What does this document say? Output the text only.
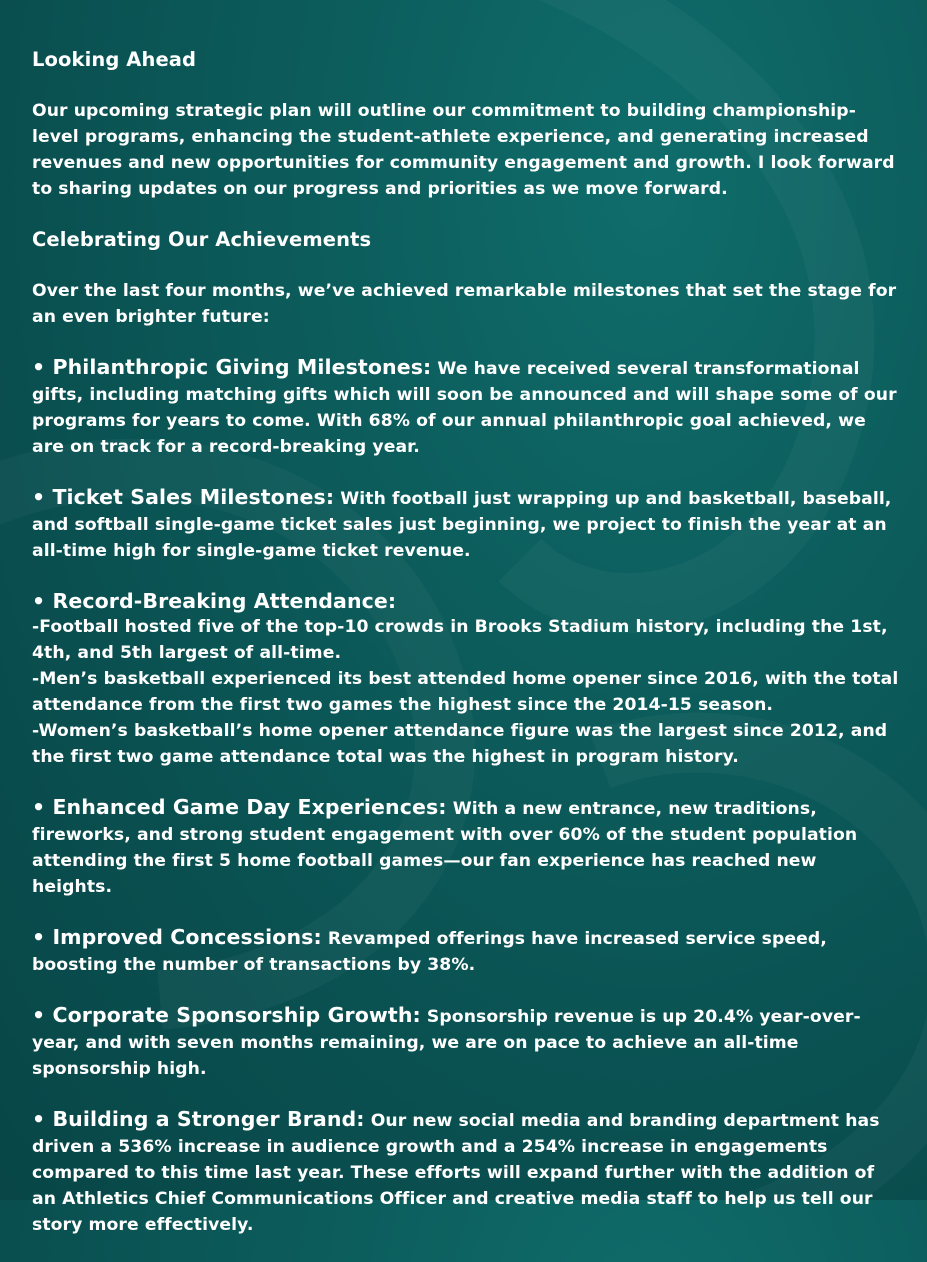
Looking Ahead

Our upcoming strategic plan will outline our commitment to building championship-level programs, enhancing the student-athlete experience, and generating increased revenues and new opportunities for community engagement and growth. I look forward to sharing updates on our progress and priorities as we move forward.

Celebrating Our Achievements

Over the last four months, we’ve achieved remarkable milestones that set the stage for an even brighter future:

• Philanthropic Giving Milestones: We have received several transformational gifts, including matching gifts which will soon be announced and will shape some of our programs for years to come. With 68% of our annual philanthropic goal achieved, we are on track for a record-breaking year.
• Ticket Sales Milestones: With football just wrapping up and basketball, baseball, and softball single-game ticket sales just beginning, we project to finish the year at an all-time high for single-game ticket revenue.
• Record-Breaking Attendance:
-Football hosted five of the top-10 crowds in Brooks Stadium history, including the 1st, 4th, and 5th largest of all-time.
-Men’s basketball experienced its best attended home opener since 2016, with the total attendance from the first two games the highest since the 2014-15 season.
-Women’s basketball’s home opener attendance figure was the largest since 2012, and the first two game attendance total was the highest in program history.
• Enhanced Game Day Experiences: With a new entrance, new traditions, fireworks, and strong student engagement with over 60% of the student population attending the first 5 home football games—our fan experience has reached new heights.
• Improved Concessions: Revamped offerings have increased service speed, boosting the number of transactions by 38%.
• Corporate Sponsorship Growth: Sponsorship revenue is up 20.4% year-over-year, and with seven months remaining, we are on pace to achieve an all-time sponsorship high.
• Building a Stronger Brand: Our new social media and branding department has driven a 536% increase in audience growth and a 254% increase in engagements compared to this time last year. These efforts will expand further with the addition of an Athletics Chief Communications Officer and creative media staff to help us tell our story more effectively.
